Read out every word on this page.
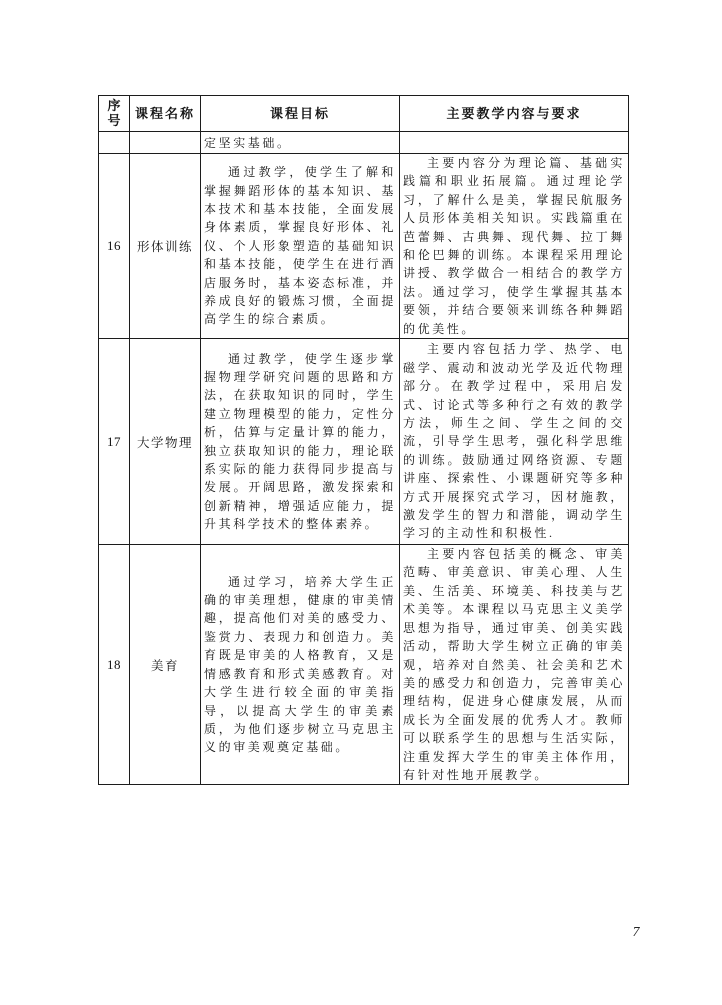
序号	课程名称	课程目标	主要教学内容与要求
		定坚实基础。	
16	形体训练	通过教学，使学生了解和掌握舞蹈形体的基本知识、基本技术和基本技能，全面发展身体素质，掌握良好形体、礼仪、个人形象塑造的基础知识和基本技能，使学生在进行酒店服务时，基本姿态标准，并养成良好的锻炼习惯，全面提高学生的综合素质。	主要内容分为理论篇、基础实践篇和职业拓展篇。通过理论学习，了解什么是美，掌握民航服务人员形体美相关知识。实践篇重在芭蕾舞、古典舞、现代舞、拉丁舞和伦巴舞的训练。本课程采用理论讲授、教学做合一相结合的教学方法。通过学习，使学生掌握其基本要领，并结合要领来训练各种舞蹈的优美性。

17	大学物理	通过教学，使学生逐步掌握物理学研究问题的思路和方法，在获取知识的同时，学生建立物理模型的能力，定性分析，估算与定量计算的能力，独立获取知识的能力，理论联系实际的能力获得同步提高与发展。开阔思路，激发探索和创新精神，增强适应能力，提升其科学技术的整体素养。	主要内容包括力学、热学、电磁学、震动和波动光学及近代物理部分。在教学过程中，采用启发式、讨论式等多种行之有效的教学方法，师生之间、学生之间的交流，引导学生思考，强化科学思维的训练。鼓励通过网络资源、专题讲座、探索性、小课题研究等多种方式开展探究式学习，因材施教，激发学生的智力和潜能，调动学生学习的主动性和积极性.

18	美育	通过学习，培养大学生正确的审美理想，健康的审美情趣，提高他们对美的感受力、鉴赏力、表现力和创造力。美育既是审美的人格教育，又是情感教育和形式美感教育。对大学生进行较全面的审美指导，以提高大学生的审美素质，为他们逐步树立马克思主义的审美观奠定基础。	主要内容包括美的概念、审美范畴、审美意识、审美心理、人生美、生活美、环境美、科技美与艺术美等。本课程以马克思主义美学思想为指导，通过审美、创美实践活动，帮助大学生树立正确的审美观，培养对自然美、社会美和艺术美的感受力和创造力，完善审美心理结构，促进身心健康发展，从而成长为全面发展的优秀人才。教师可以联系学生的思想与生活实际，注重发挥大学生的审美主体作用，有针对性地开展教学。

7
